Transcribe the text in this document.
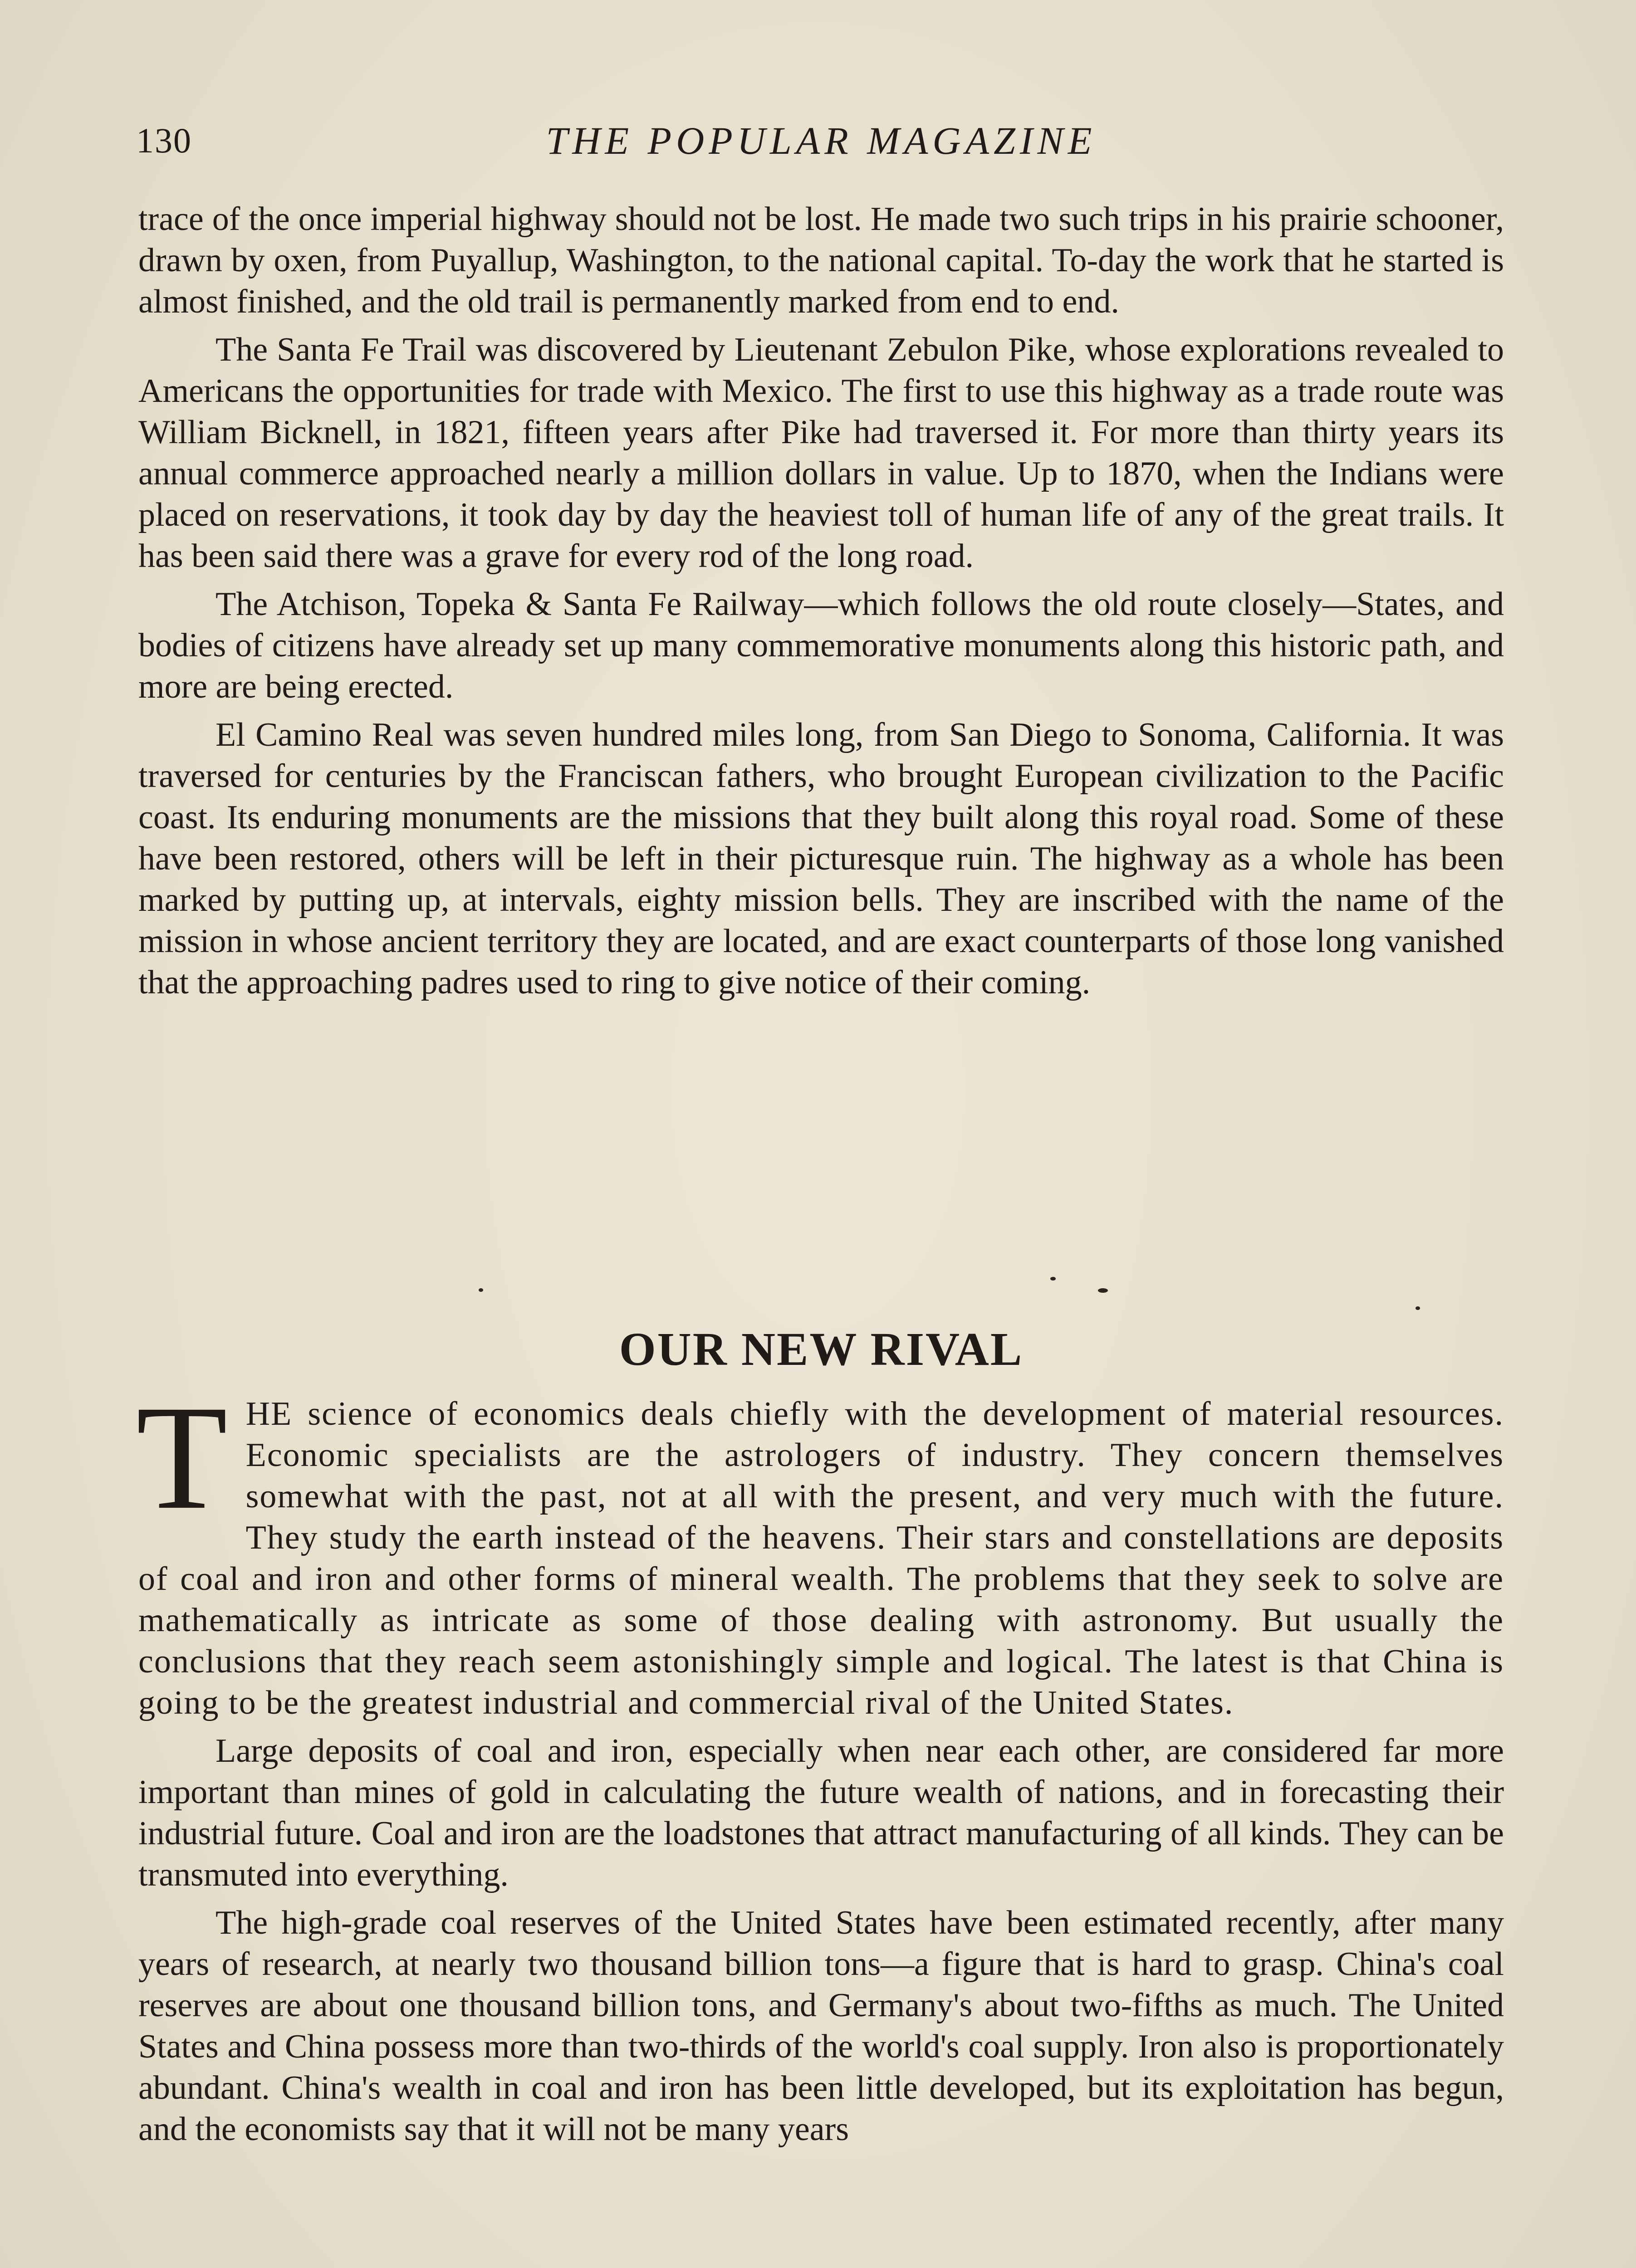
130	THE POPULAR MAGAZINE

trace of the once imperial highway should not be lost. He made two such trips in his prairie schooner, drawn by oxen, from Puyallup, Washington, to the national capital. To-day the work that he started is almost finished, and the old trail is permanently marked from end to end.

The Santa Fe Trail was discovered by Lieutenant Zebulon Pike, whose explorations revealed to Americans the opportunities for trade with Mexico. The first to use this highway as a trade route was William Bicknell, in 1821, fifteen years after Pike had traversed it. For more than thirty years its annual commerce approached nearly a million dollars in value. Up to 1870, when the Indians were placed on reservations, it took day by day the heaviest toll of human life of any of the great trails. It has been said there was a grave for every rod of the long road.

The Atchison, Topeka & Santa Fe Railway—which follows the old route closely—States, and bodies of citizens have already set up many commemorative monuments along this historic path, and more are being erected.

El Camino Real was seven hundred miles long, from San Diego to Sonoma, California. It was traversed for centuries by the Franciscan fathers, who brought European civilization to the Pacific coast. Its enduring monuments are the missions that they built along this royal road. Some of these have been restored, others will be left in their picturesque ruin. The highway as a whole has been marked by putting up, at intervals, eighty mission bells. They are inscribed with the name of the mission in whose ancient territory they are located, and are exact counterparts of those long vanished that the approaching padres used to ring to give notice of their coming.

OUR NEW RIVAL

THE science of economics deals chiefly with the development of material resources. Economic specialists are the astrologers of industry. They concern themselves somewhat with the past, not at all with the present, and very much with the future. They study the earth instead of the heavens. Their stars and constellations are deposits of coal and iron and other forms of mineral wealth. The problems that they seek to solve are mathematically as intricate as some of those dealing with astronomy. But usually the conclusions that they reach seem astonishingly simple and logical. The latest is that China is going to be the greatest industrial and commercial rival of the United States.

Large deposits of coal and iron, especially when near each other, are considered far more important than mines of gold in calculating the future wealth of nations, and in forecasting their industrial future. Coal and iron are the loadstones that attract manufacturing of all kinds. They can be transmuted into everything.

The high-grade coal reserves of the United States have been estimated recently, after many years of research, at nearly two thousand billion tons—a figure that is hard to grasp. China's coal reserves are about one thousand billion tons, and Germany's about two-fifths as much. The United States and China possess more than two-thirds of the world's coal supply. Iron also is proportionately abundant. China's wealth in coal and iron has been little developed, but its exploitation has begun, and the economists say that it will not be many years
